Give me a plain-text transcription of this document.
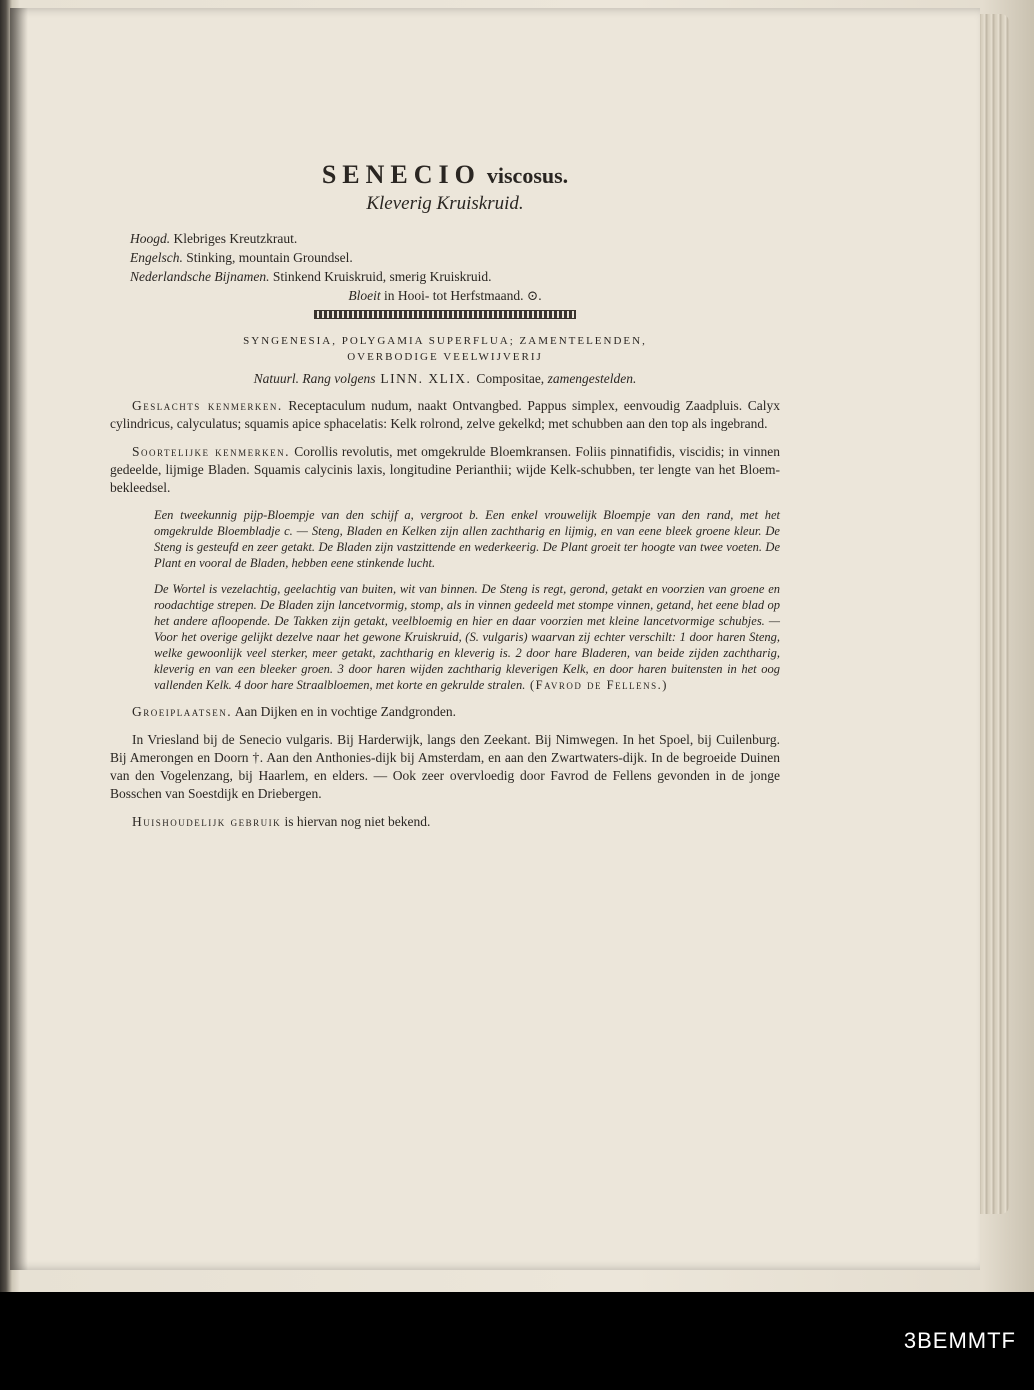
SENECIO viscosus.
Kleverig Kruiskruid.
Hoogd. Klebriges Kreutzkraut.
Engelsch. Stinking, mountain Groundsel.
Nederlandsche Bijnamen. Stinkend Kruiskruid, smerig Kruiskruid.
Bloeit in Hooi- tot Herfstmaand. ⊙.
SYNGENESIA, POLYGAMIA SUPERFLUA; ZAMENTELENDEN,
OVERBODIGE VEELWIJVERIJ
Natuurl. Rang volgens LINN. XLIX. Compositae, zamengestelden.

Geslachts kenmerken. Receptaculum nudum, naakt Ontvangbed. Pappus simplex, eenvoudig Zaadpluis. Calyx cylindricus, calyculatus; squamis apice sphacelatis: Kelk rolrond, zelve gekelkd; met schubben aan den top als ingebrand.

Soortelijke kenmerken. Corollis revolutis, met omgekrulde Bloemkransen. Foliis pinnatifidis, viscidis; in vinnen gedeelde, lijmige Bladen. Squamis calycinis laxis, longitudine Perianthii; wijde Kelk-schubben, ter lengte van het Bloem-bekleedsel.

Een tweekunnig pijp-Bloempje van den schijf a, vergroot b. Een enkel vrouwelijk Bloempje van den rand, met het omgekrulde Bloembladje c. — Steng, Bladen en Kelken zijn allen zachtharig en lijmig, en van eene bleek groene kleur. De Steng is gesteufd en zeer getakt. De Bladen zijn vastzittende en wederkeerig. De Plant groeit ter hoogte van twee voeten. De Plant en vooral de Bladen, hebben eene stinkende lucht.
De Wortel is vezelachtig, geelachtig van buiten, wit van binnen. De Steng is regt, gerond, getakt en voorzien van groene en roodachtige strepen. De Bladen zijn lancetvormig, stomp, als in vinnen gedeeld met stompe vinnen, getand, het eene blad op het andere afloopende. De Takken zijn getakt, veelbloemig en hier en daar voorzien met kleine lancetvormige schubjes. — Voor het overige gelijkt dezelve naar het gewone Kruiskruid, (S. vulgaris) waarvan zij echter verschilt: 1 door haren Steng, welke gewoonlijk veel sterker, meer getakt, zachtharig en kleverig is. 2 door hare Bladeren, van beide zijden zachtharig, kleverig en van een bleeker groen. 3 door haren wijden zachtharig kleverigen Kelk, en door haren buitensten in het oog vallenden Kelk. 4 door hare Straalbloemen, met korte en gekrulde stralen. (Favrod de Fellens.)

Groeiplaatsen. Aan Dijken en in vochtige Zandgronden.

In Vriesland bij de Senecio vulgaris. Bij Harderwijk, langs den Zeekant. Bij Nimwegen. In het Spoel, bij Cuilenburg. Bij Amerongen en Doorn †. Aan den Anthonies-dijk bij Amsterdam, en aan den Zwartwaters-dijk. In de begroeide Duinen van den Vogelenzang, bij Haarlem, en elders. — Ook zeer overvloedig door Favrod de Fellens gevonden in de jonge Bosschen van Soestdijk en Driebergen.

Huishoudelijk gebruik is hiervan nog niet bekend.

3BEMMTF
